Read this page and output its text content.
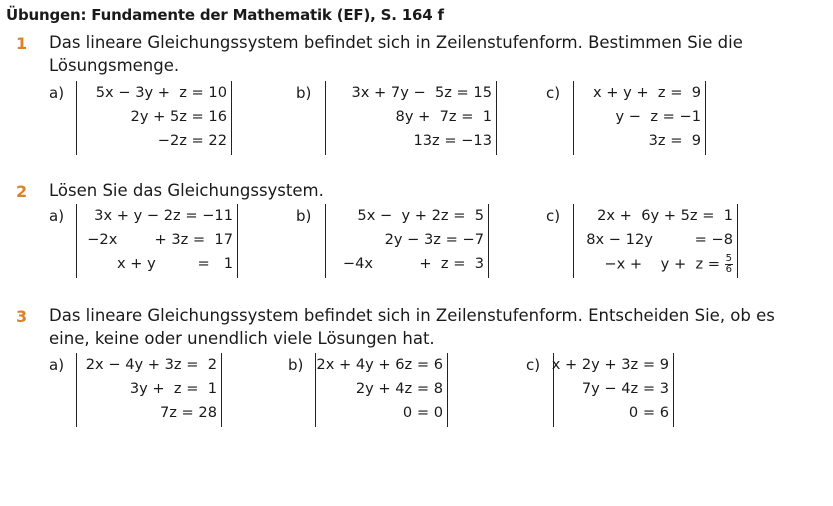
Übungen: Fundamente der Mathematik (EF), S. 164 f
1 Das lineare Gleichungssystem befindet sich in Zeilenstufenform. Bestimmen Sie die
Lösungsmenge.
a) 5x − 3y +  z = 10
2y + 5z = 16
−2z = 22
b)	3x + 7y −  5z = 15
8y +  7z =  1
13z = −13
c) x + y +  z =  9
y −  z = −1
3z =  9
2 Lösen Sie das Gleichungssystem.
a) 3x + y − 2z = −11
−2x        + 3z =  17
x + y         =   1
b)	5x −  y + 2z =  5
2y − 3z = −7
−4x          +  z =  3
c)	2x +  6y + 5z =  1
8x − 12y         = −8
−x +    $y + z = \frac{5}{6}$
3 Das lineare Gleichungssystem befindet sich in Zeilenstufenform. Entscheiden Sie, ob es
eine, keine oder unendlich viele Lösungen hat.
a) 2x − 4y + 3z =  2
3y +  z =  1
7z = 28
b) 2x + 4y + 6z = 6
2y + 4z = 8
0 = 0
c) x + 2y + 3z = 9
7y − 4z = 3
0 = 6
